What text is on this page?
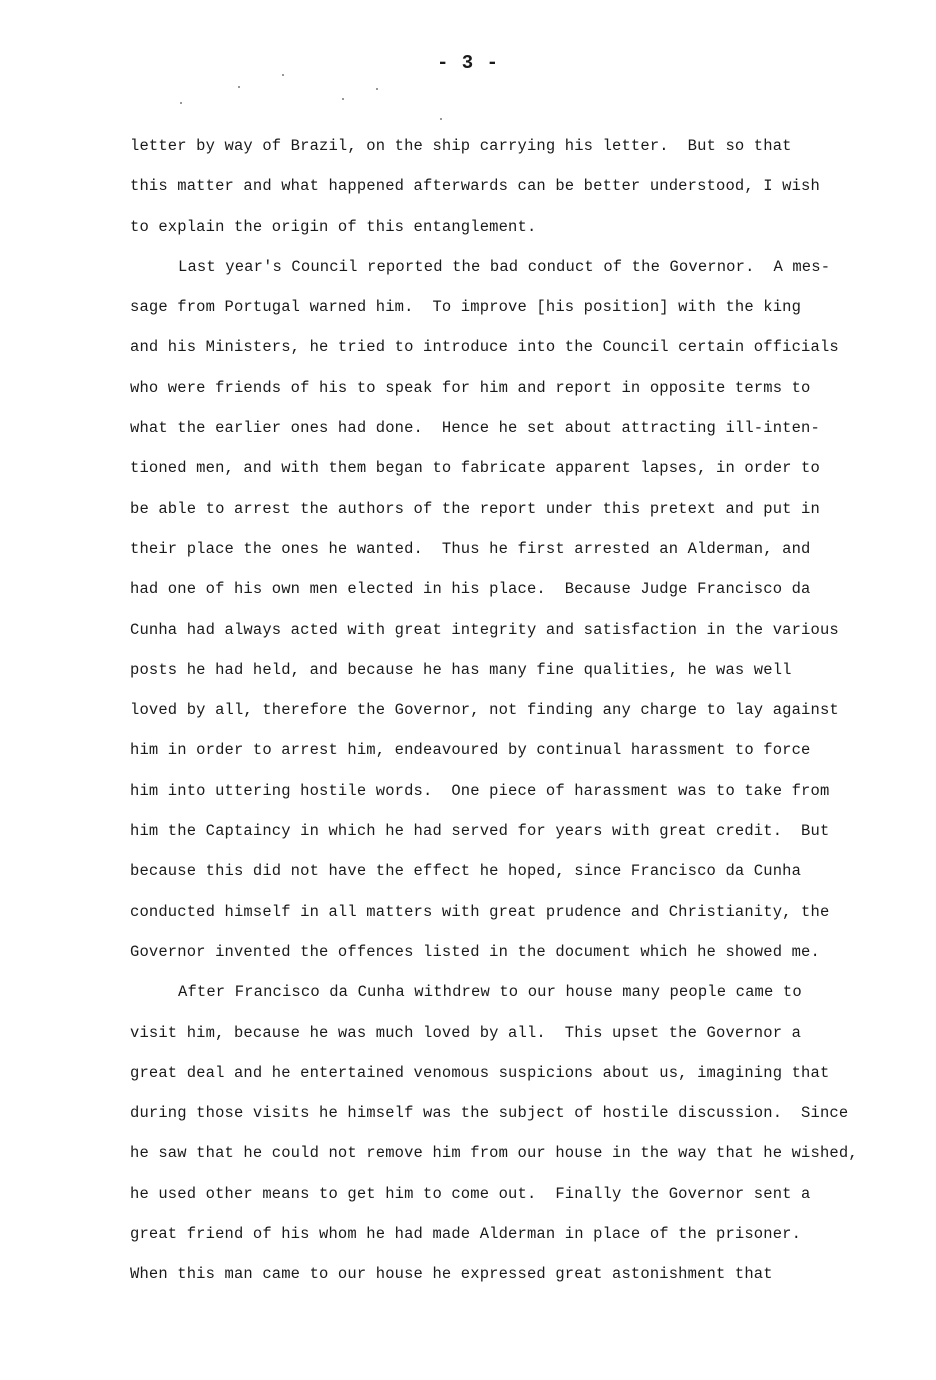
- 3 -
letter by way of Brazil, on the ship carrying his letter.  But so that
this matter and what happened afterwards can be better understood, I wish
to explain the origin of this entanglement.
Last year's Council reported the bad conduct of the Governor.  A mes-
sage from Portugal warned him.  To improve [his position] with the king
and his Ministers, he tried to introduce into the Council certain officials
who were friends of his to speak for him and report in opposite terms to
what the earlier ones had done.  Hence he set about attracting ill-inten-
tioned men, and with them began to fabricate apparent lapses, in order to
be able to arrest the authors of the report under this pretext and put in
their place the ones he wanted.  Thus he first arrested an Alderman, and
had one of his own men elected in his place.  Because Judge Francisco da
Cunha had always acted with great integrity and satisfaction in the various
posts he had held, and because he has many fine qualities, he was well
loved by all, therefore the Governor, not finding any charge to lay against
him in order to arrest him, endeavoured by continual harassment to force
him into uttering hostile words.  One piece of harassment was to take from
him the Captaincy in which he had served for years with great credit.  But
because this did not have the effect he hoped, since Francisco da Cunha
conducted himself in all matters with great prudence and Christianity, the
Governor invented the offences listed in the document which he showed me.
After Francisco da Cunha withdrew to our house many people came to
visit him, because he was much loved by all.  This upset the Governor a
great deal and he entertained venomous suspicions about us, imagining that
during those visits he himself was the subject of hostile discussion.  Since
he saw that he could not remove him from our house in the way that he wished,
he used other means to get him to come out.  Finally the Governor sent a
great friend of his whom he had made Alderman in place of the prisoner.
When this man came to our house he expressed great astonishment that
